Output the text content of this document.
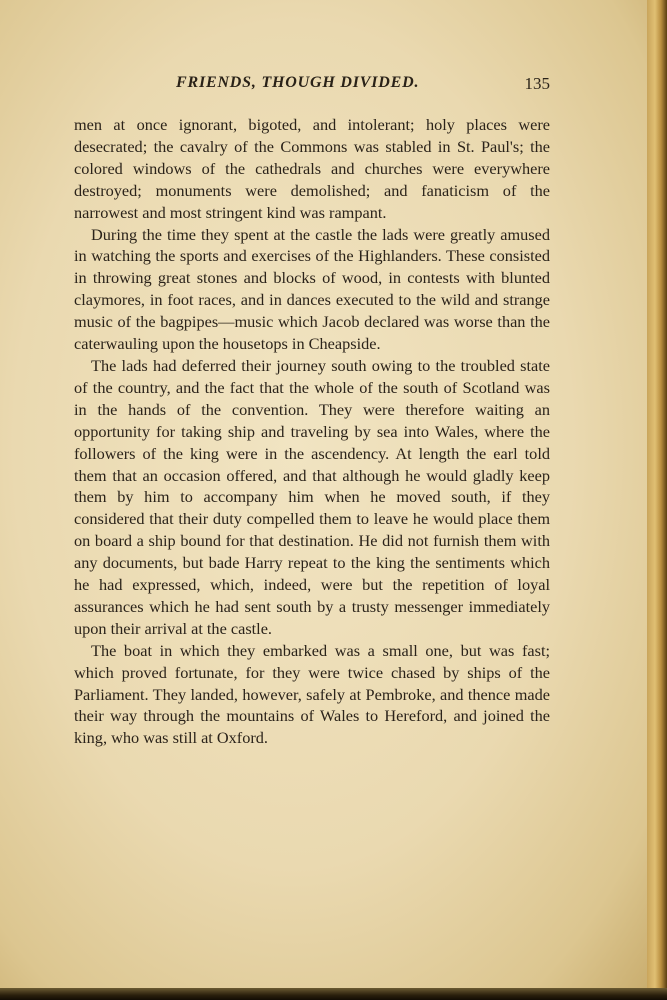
FRIENDS, THOUGH DIVIDED.	135

men at once ignorant, bigoted, and intolerant; holy places were desecrated; the cavalry of the Commons was stabled in St. Paul's; the colored windows of the cathedrals and churches were everywhere destroyed; monuments were demolished; and fanaticism of the narrowest and most stringent kind was rampant.

During the time they spent at the castle the lads were greatly amused in watching the sports and exercises of the Highlanders. These consisted in throwing great stones and blocks of wood, in contests with blunted claymores, in foot races, and in dances executed to the wild and strange music of the bagpipes—music which Jacob declared was worse than the caterwauling upon the housetops in Cheapside.

The lads had deferred their journey south owing to the troubled state of the country, and the fact that the whole of the south of Scotland was in the hands of the convention. They were therefore waiting an opportunity for taking ship and traveling by sea into Wales, where the followers of the king were in the ascendency. At length the earl told them that an occasion offered, and that although he would gladly keep them by him to accompany him when he moved south, if they considered that their duty compelled them to leave he would place them on board a ship bound for that destination. He did not furnish them with any documents, but bade Harry repeat to the king the sentiments which he had expressed, which, indeed, were but the repetition of loyal assurances which he had sent south by a trusty messenger immediately upon their arrival at the castle.

The boat in which they embarked was a small one, but was fast; which proved fortunate, for they were twice chased by ships of the Parliament. They landed, however, safely at Pembroke, and thence made their way through the mountains of Wales to Hereford, and joined the king, who was still at Oxford.
